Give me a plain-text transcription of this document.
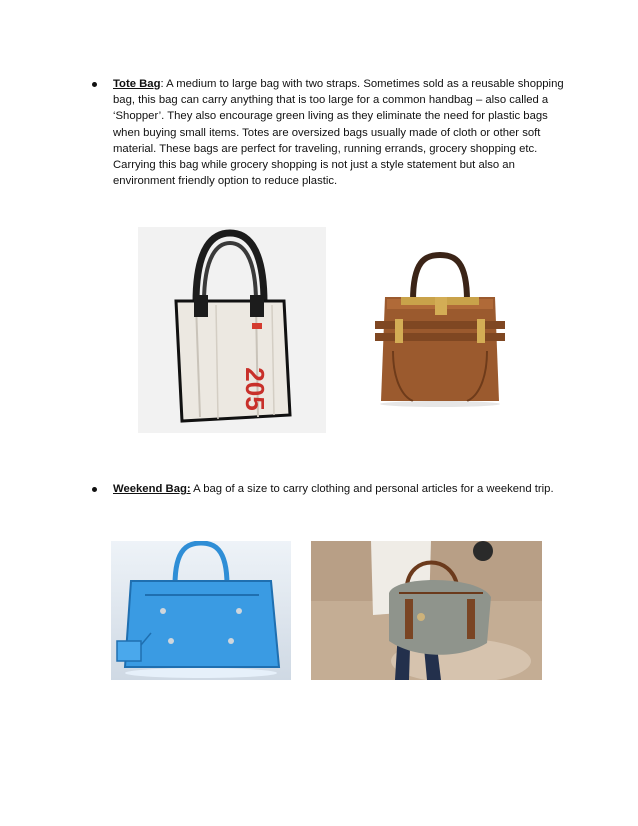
Tote Bag: A medium to large bag with two straps. Sometimes sold as a reusable shopping bag, this bag can carry anything that is too large for a common handbag – also called a ‘Shopper’. They also encourage green living as they eliminate the need for plastic bags when buying small items. Totes are oversized bags usually made of cloth or other soft material. These bags are perfect for traveling, running errands, grocery shopping etc. Carrying this bag while grocery shopping is not just a style statement but also an environment friendly option to reduce plastic.
205
Weekend Bag: A bag of a size to carry clothing and personal articles for a weekend trip.
